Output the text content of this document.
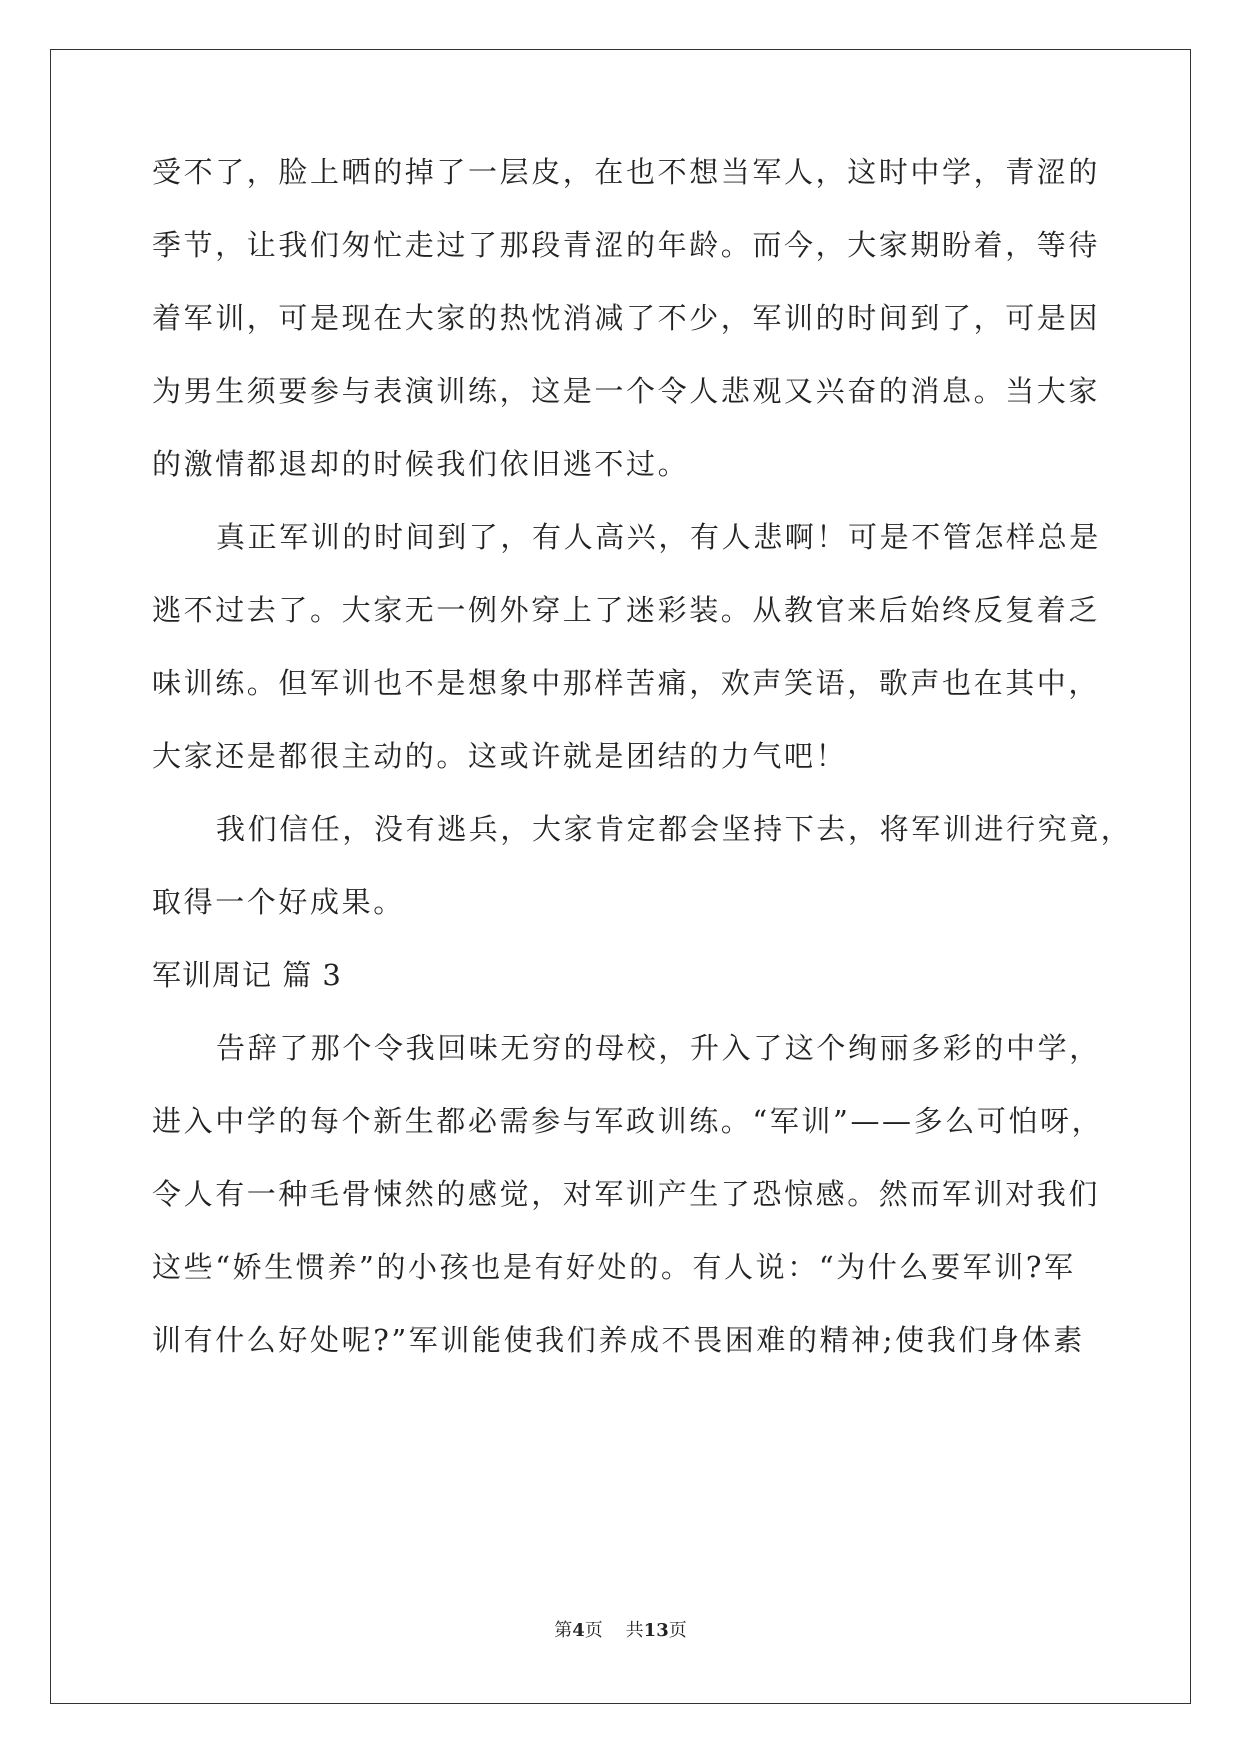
受不了，脸上晒的掉了一层皮，在也不想当军人，这时中学，青涩的
季节，让我们匆忙走过了那段青涩的年龄。而今，大家期盼着，等待
着军训，可是现在大家的热忱消减了不少，军训的时间到了，可是因
为男生须要参与表演训练，这是一个令人悲观又兴奋的消息。当大家
的激情都退却的时候我们依旧逃不过。
真正军训的时间到了，有人高兴，有人悲啊！可是不管怎样总是
逃不过去了。大家无一例外穿上了迷彩装。从教官来后始终反复着乏
味训练。但军训也不是想象中那样苦痛，欢声笑语，歌声也在其中，
大家还是都很主动的。这或许就是团结的力气吧！
我们信任，没有逃兵，大家肯定都会坚持下去，将军训进行究竟，
取得一个好成果。
军训周记 篇 3
告辞了那个令我回味无穷的母校，升入了这个绚丽多彩的中学，
进入中学的每个新生都必需参与军政训练。“军训”——多么可怕呀，
令人有一种毛骨悚然的感觉，对军训产生了恐惊感。然而军训对我们
这些“娇生惯养”的小孩也是有好处的。有人说：“为什么要军训?军
训有什么好处呢?”军训能使我们养成不畏困难的精神;使我们身体素
第4页 共13页
